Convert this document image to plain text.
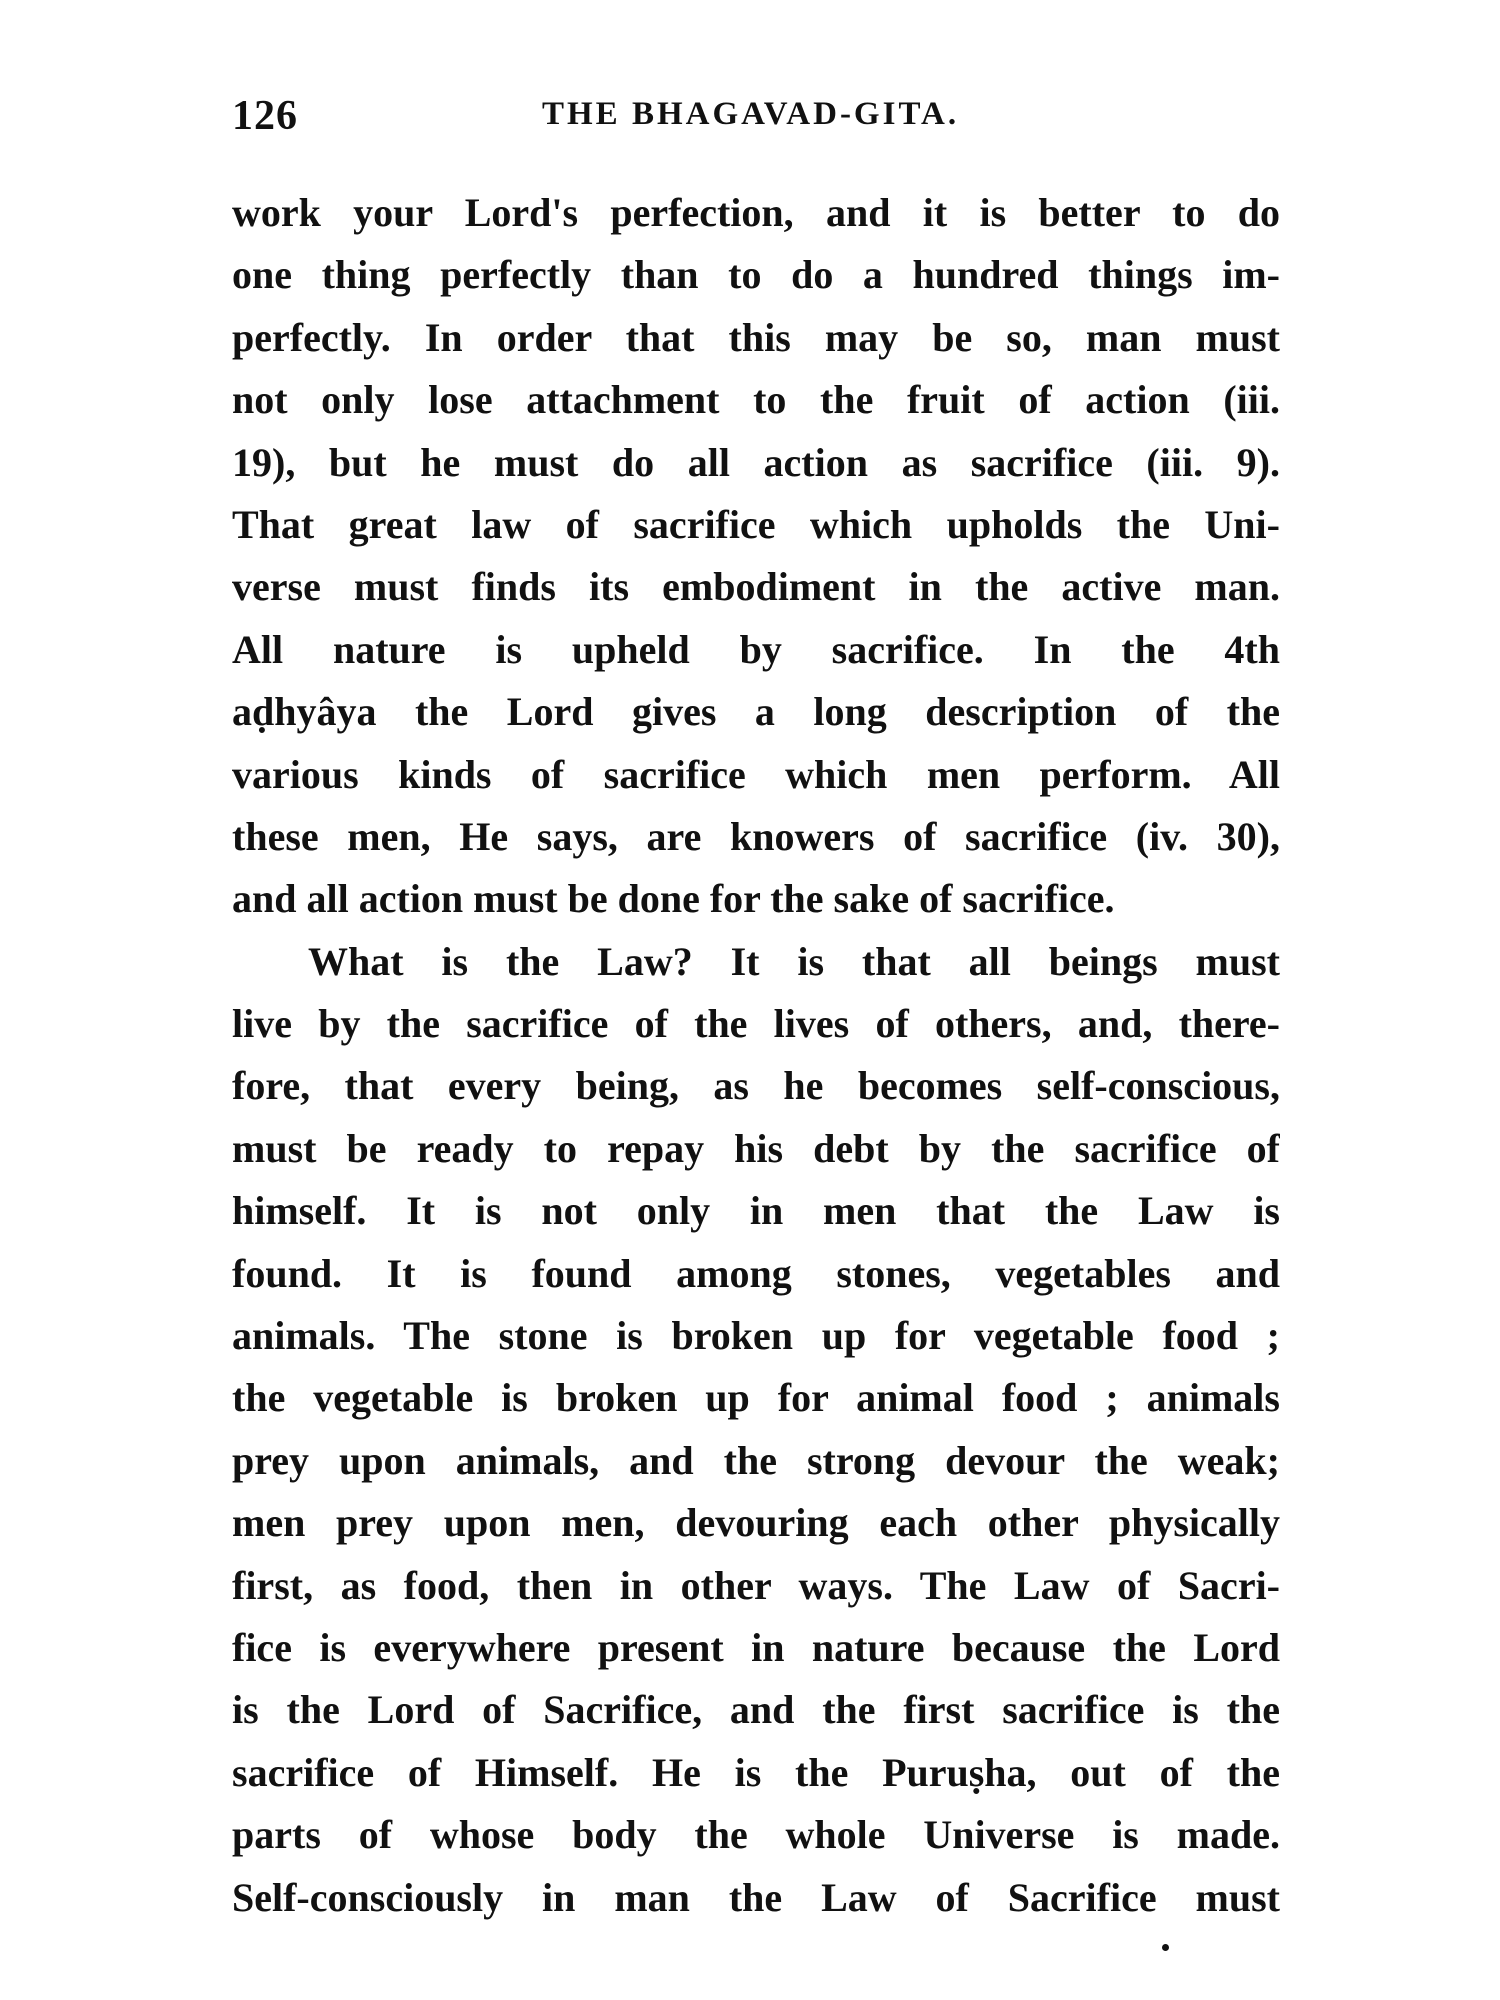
126	THE BHAGAVAD-GITA.
work your Lord's perfection, and it is better to do
one thing perfectly than to do a hundred things im-
perfectly. In order that this may be so, man must
not only lose attachment to the fruit of action (iii.
19), but he must do all action as sacrifice (iii. 9).
That great law of sacrifice which upholds the Uni-
verse must finds its embodiment in the active man.
All nature is upheld by sacrifice. In the 4th
aḍhyâya the Lord gives a long description of the
various kinds of sacrifice which men perform. All
these men, He says, are knowers of sacrifice (iv. 30),
and all action must be done for the sake of sacrifice.
What is the Law? It is that all beings must
live by the sacrifice of the lives of others, and, there-
fore, that every being, as he becomes self-conscious,
must be ready to repay his debt by the sacrifice of
himself. It is not only in men that the Law is
found. It is found among stones, vegetables and
animals. The stone is broken up for vegetable food ;
the vegetable is broken up for animal food ; animals
prey upon animals, and the strong devour the weak;
men prey upon men, devouring each other physically
first, as food, then in other ways. The Law of Sacri-
fice is everywhere present in nature because the Lord
is the Lord of Sacrifice, and the first sacrifice is the
sacrifice of Himself. He is the Puruṣha, out of the
parts of whose body the whole Universe is made.
Self-consciously in man the Law of Sacrifice must
